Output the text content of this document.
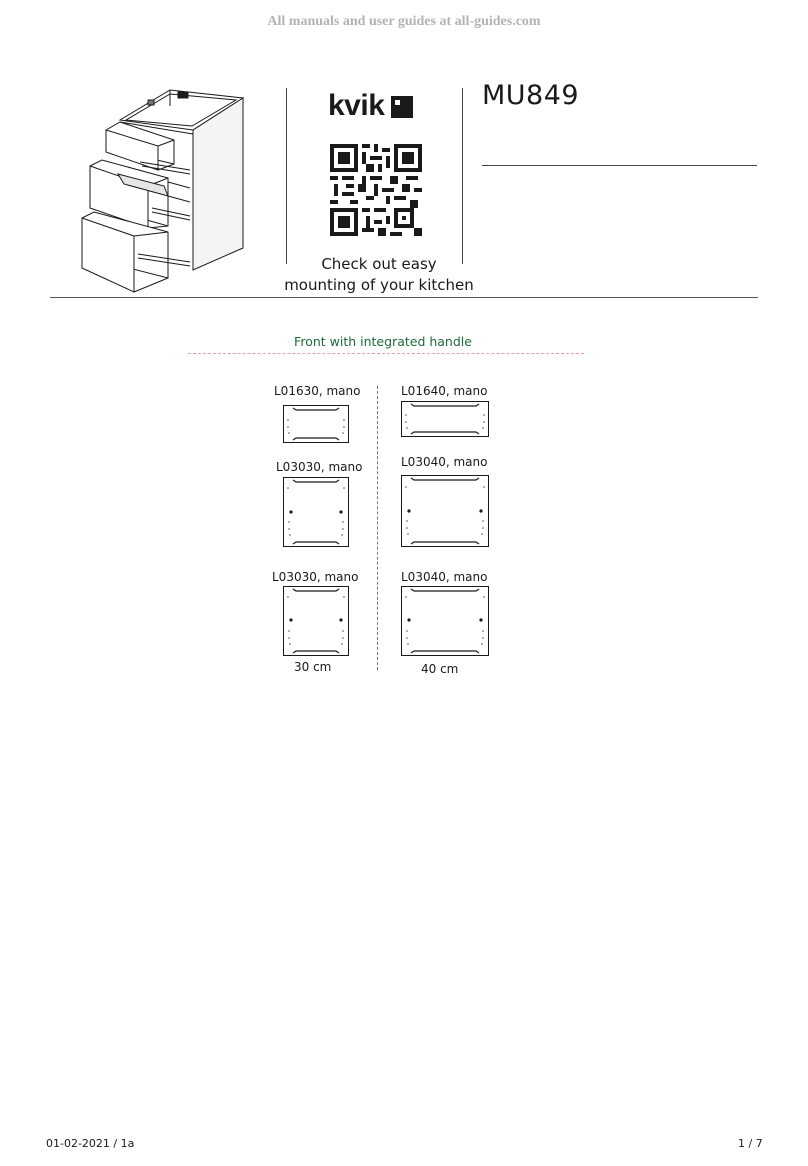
All manuals and user guides at all-guides.com
kvik	MU849
Check out easy
mounting of your kitchen
Front with integrated handle
L01630, mano	L01640, mano
L03030, mano	L03040, mano
L03030, mano	L03040, mano
30 cm	40 cm
01-02-2021 / 1a	1 / 7
